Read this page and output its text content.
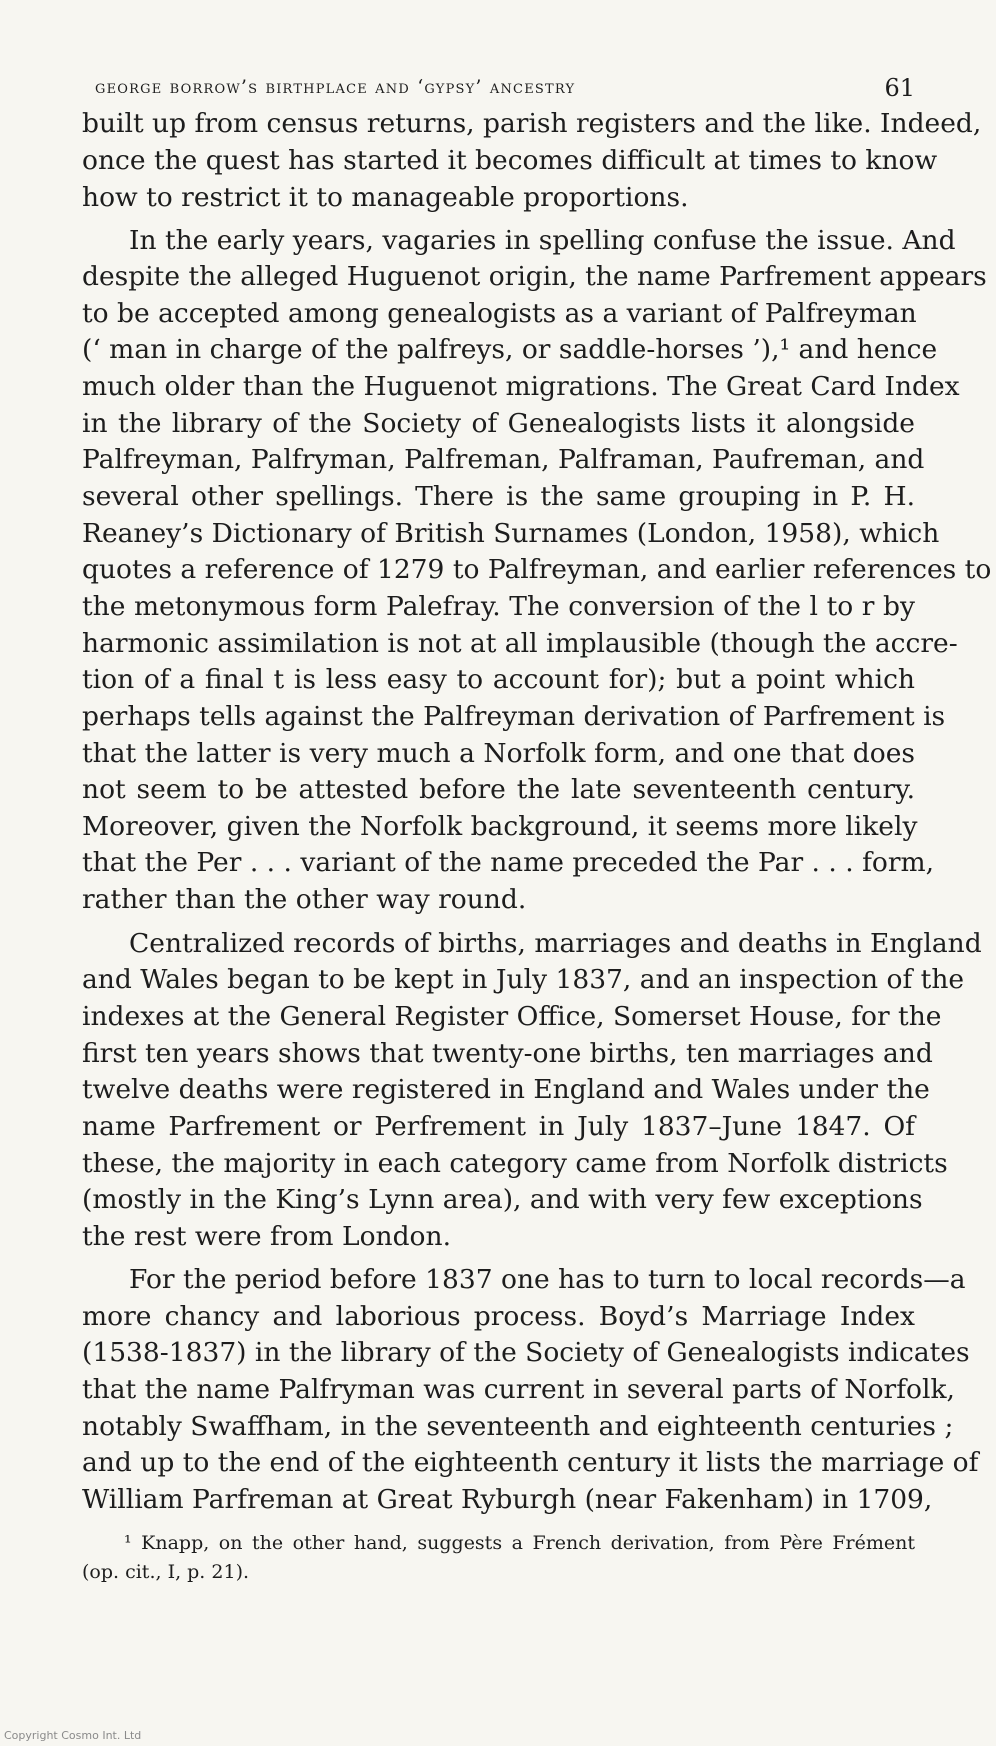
george borrow’s birthplace and ‘gypsy’ ancestry	61
built up from census returns, parish registers and the like. Indeed,
once the quest has started it becomes difficult at times to know
how to restrict it to manageable proportions.
In the early years, vagaries in spelling confuse the issue. And
despite the alleged Huguenot origin, the name Parfrement appears
to be accepted among genealogists as a variant of Palfreyman
(‘ man in charge of the palfreys, or saddle-horses ’),¹ and hence
much older than the Huguenot migrations. The Great Card Index
in the library of the Society of Genealogists lists it alongside
Palfreyman, Palfryman, Palfreman, Palframan, Paufreman, and
several other spellings. There is the same grouping in P. H.
Reaney’s Dictionary of British Surnames (London, 1958), which
quotes a reference of 1279 to Palfreyman, and earlier references to
the metonymous form Palefray. The conversion of the l to r by
harmonic assimilation is not at all implausible (though the accre-
tion of a final t is less easy to account for); but a point which
perhaps tells against the Palfreyman derivation of Parfrement is
that the latter is very much a Norfolk form, and one that does
not seem to be attested before the late seventeenth century.
Moreover, given the Norfolk background, it seems more likely
that the Per . . . variant of the name preceded the Par . . . form,
rather than the other way round.
Centralized records of births, marriages and deaths in England
and Wales began to be kept in July 1837, and an inspection of the
indexes at the General Register Office, Somerset House, for the
first ten years shows that twenty-one births, ten marriages and
twelve deaths were registered in England and Wales under the
name Parfrement or Perfrement in July 1837–June 1847. Of
these, the majority in each category came from Norfolk districts
(mostly in the King’s Lynn area), and with very few exceptions
the rest were from London.
For the period before 1837 one has to turn to local records—a
more chancy and laborious process. Boyd’s Marriage Index
(1538-1837) in the library of the Society of Genealogists indicates
that the name Palfryman was current in several parts of Norfolk,
notably Swaffham, in the seventeenth and eighteenth centuries ;
and up to the end of the eighteenth century it lists the marriage of
William Parfreman at Great Ryburgh (near Fakenham) in 1709,
¹ Knapp, on the other hand, suggests a French derivation, from Père Frément
(op. cit., I, p. 21).
Copyright Cosmo Int. Ltd
